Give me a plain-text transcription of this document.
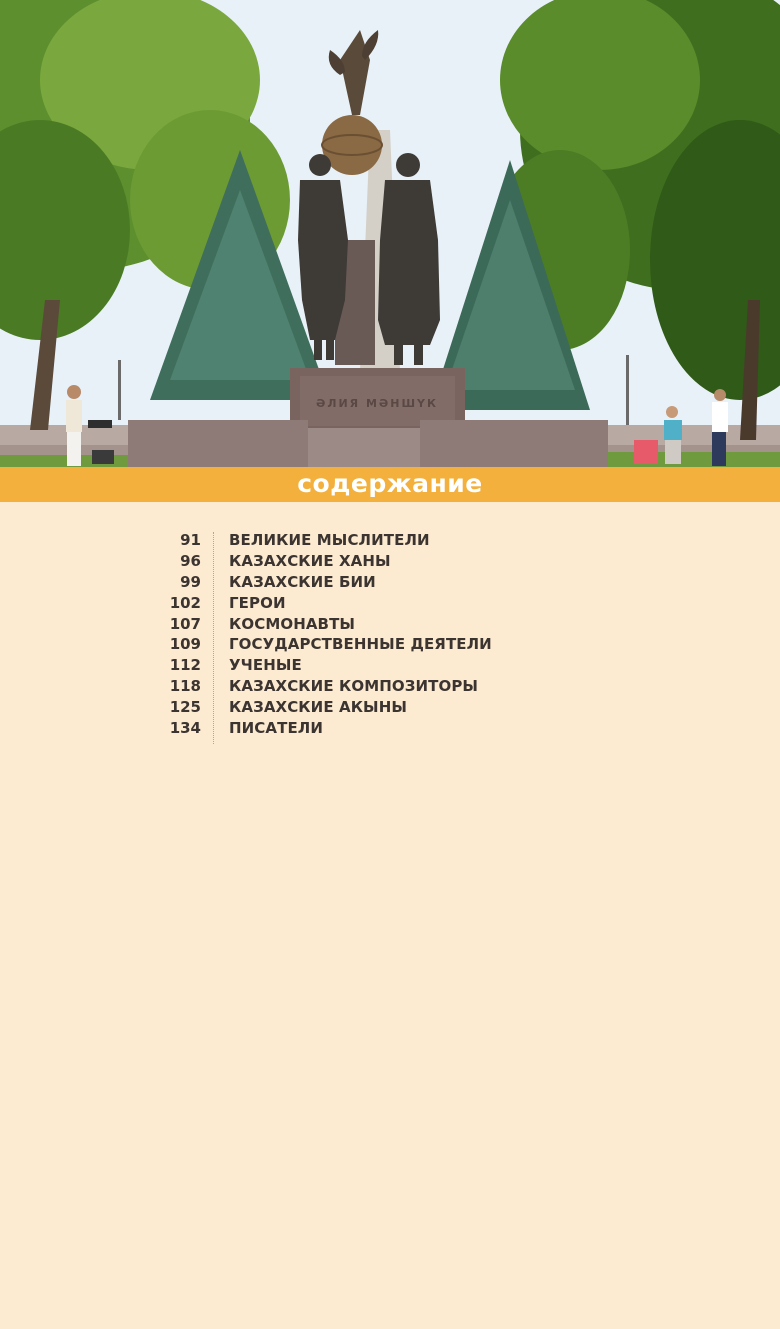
ӘЛИЯ МӘНШҮК
содержание
91 ВЕЛИКИЕ МЫСЛИТЕЛИ
96 КАЗАХСКИЕ ХАНЫ
99 КАЗАХСКИЕ БИИ
102 ГЕРОИ
107 КОСМОНАВТЫ
109 ГОСУДАРСТВЕННЫЕ ДЕЯТЕЛИ
112 УЧЕНЫЕ
118 КАЗАХСКИЕ КОМПОЗИТОРЫ
125 КАЗАХСКИЕ АКЫНЫ
134 ПИСАТЕЛИ
